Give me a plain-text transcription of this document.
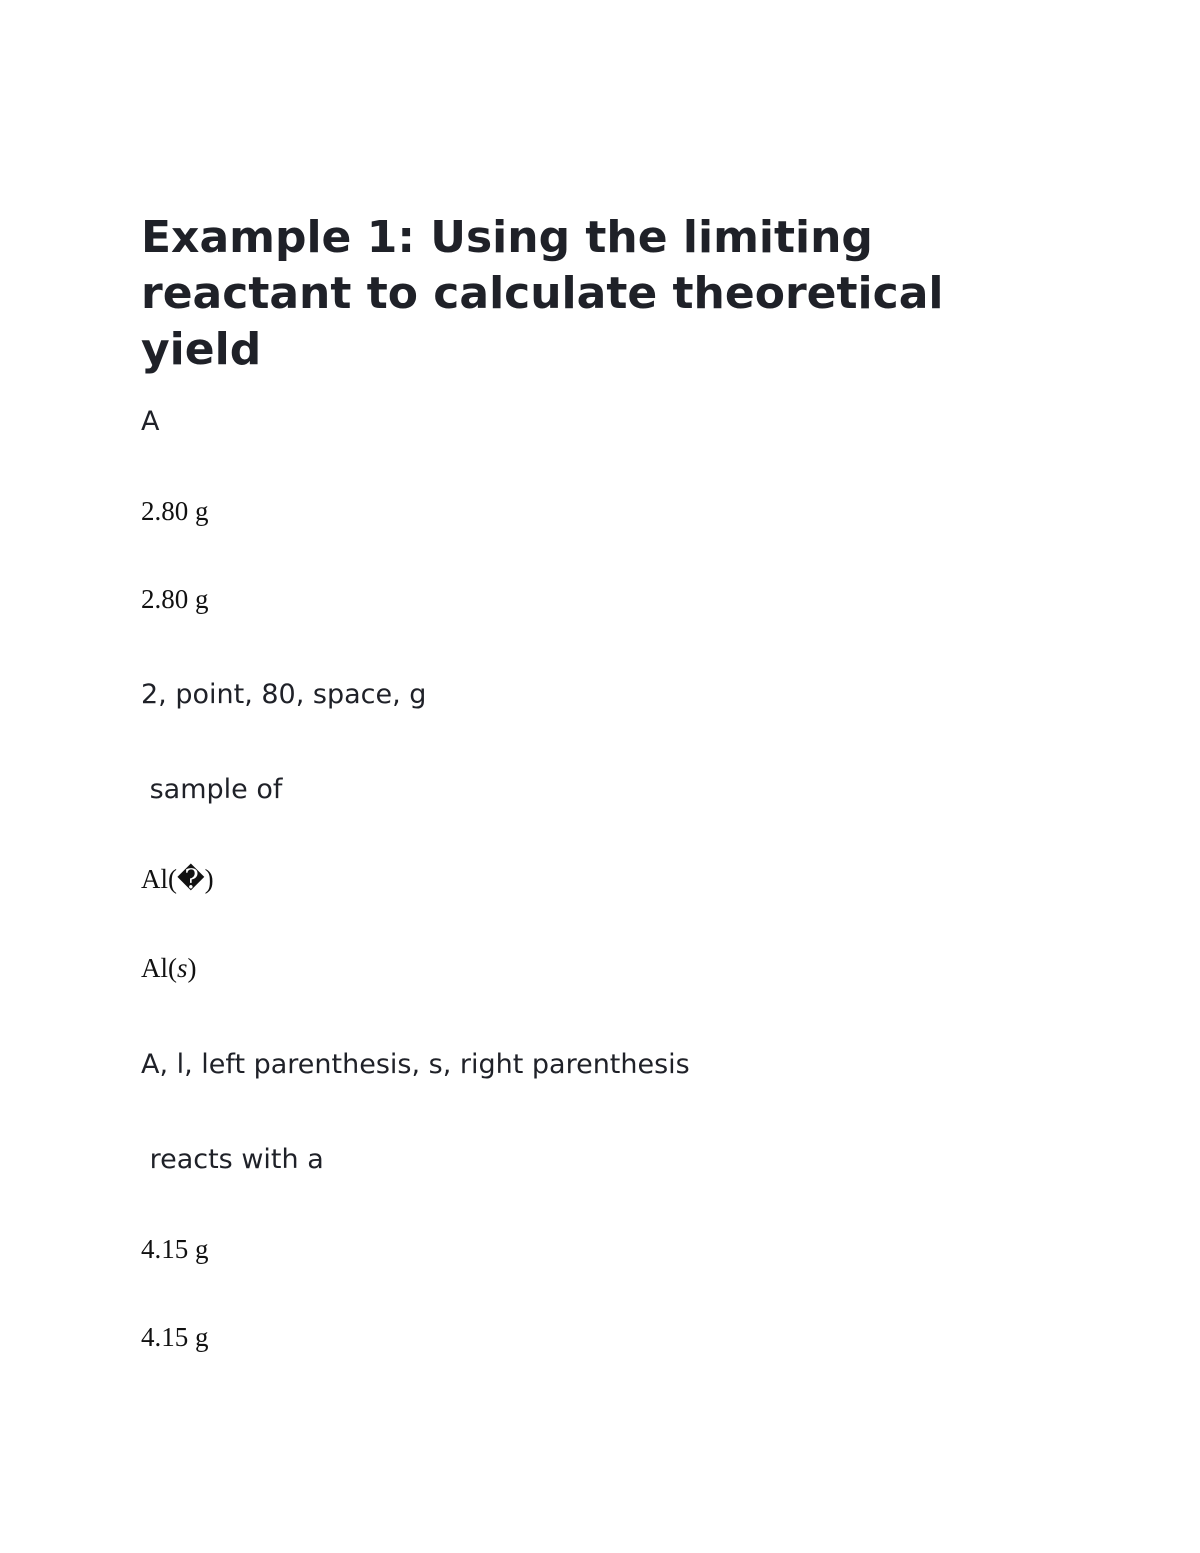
Example 1: Using the limiting reactant to calculate theoretical yield

A

2.80 g

2.80 g

2, point, 80, space, g

sample of

Al(�)

Al(s)

A, l, left parenthesis, s, right parenthesis

reacts with a

4.15 g

4.15 g
